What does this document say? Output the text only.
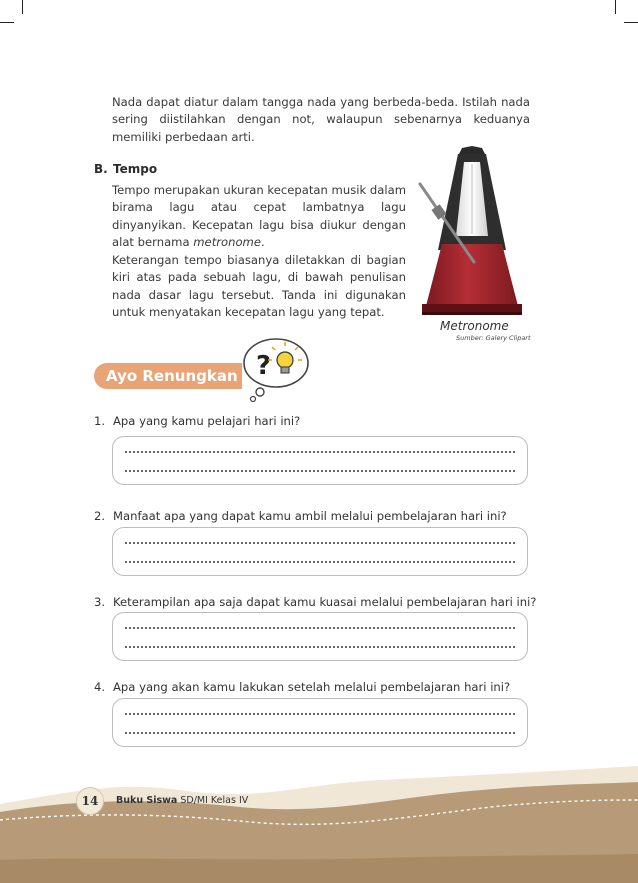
Nada dapat diatur dalam tangga nada yang berbeda-beda. Istilah nada sering diistilahkan dengan not, walaupun sebenarnya keduanya memiliki perbedaan arti.

B. Tempo

Tempo merupakan ukuran kecepatan musik dalam birama lagu atau cepat lambatnya lagu dinyanyikan. Kecepatan lagu bisa diukur dengan alat bernama metronome.

Keterangan tempo biasanya diletakkan di bagian kiri atas pada sebuah lagu, di bawah penulisan nada dasar lagu tersebut. Tanda ini digunakan untuk menyatakan kecepatan lagu yang tepat.

Metronome

Sumber: Galery Clipart

Ayo Renungkan ?

1. Apa yang kamu pelajari hari ini?

2. Manfaat apa yang dapat kamu ambil melalui pembelajaran hari ini?

3. Keterampilan apa saja dapat kamu kuasai melalui pembelajaran hari ini?

4. Apa yang akan kamu lakukan setelah melalui pembelajaran hari ini?

14	Buku Siswa SD/MI Kelas IV
